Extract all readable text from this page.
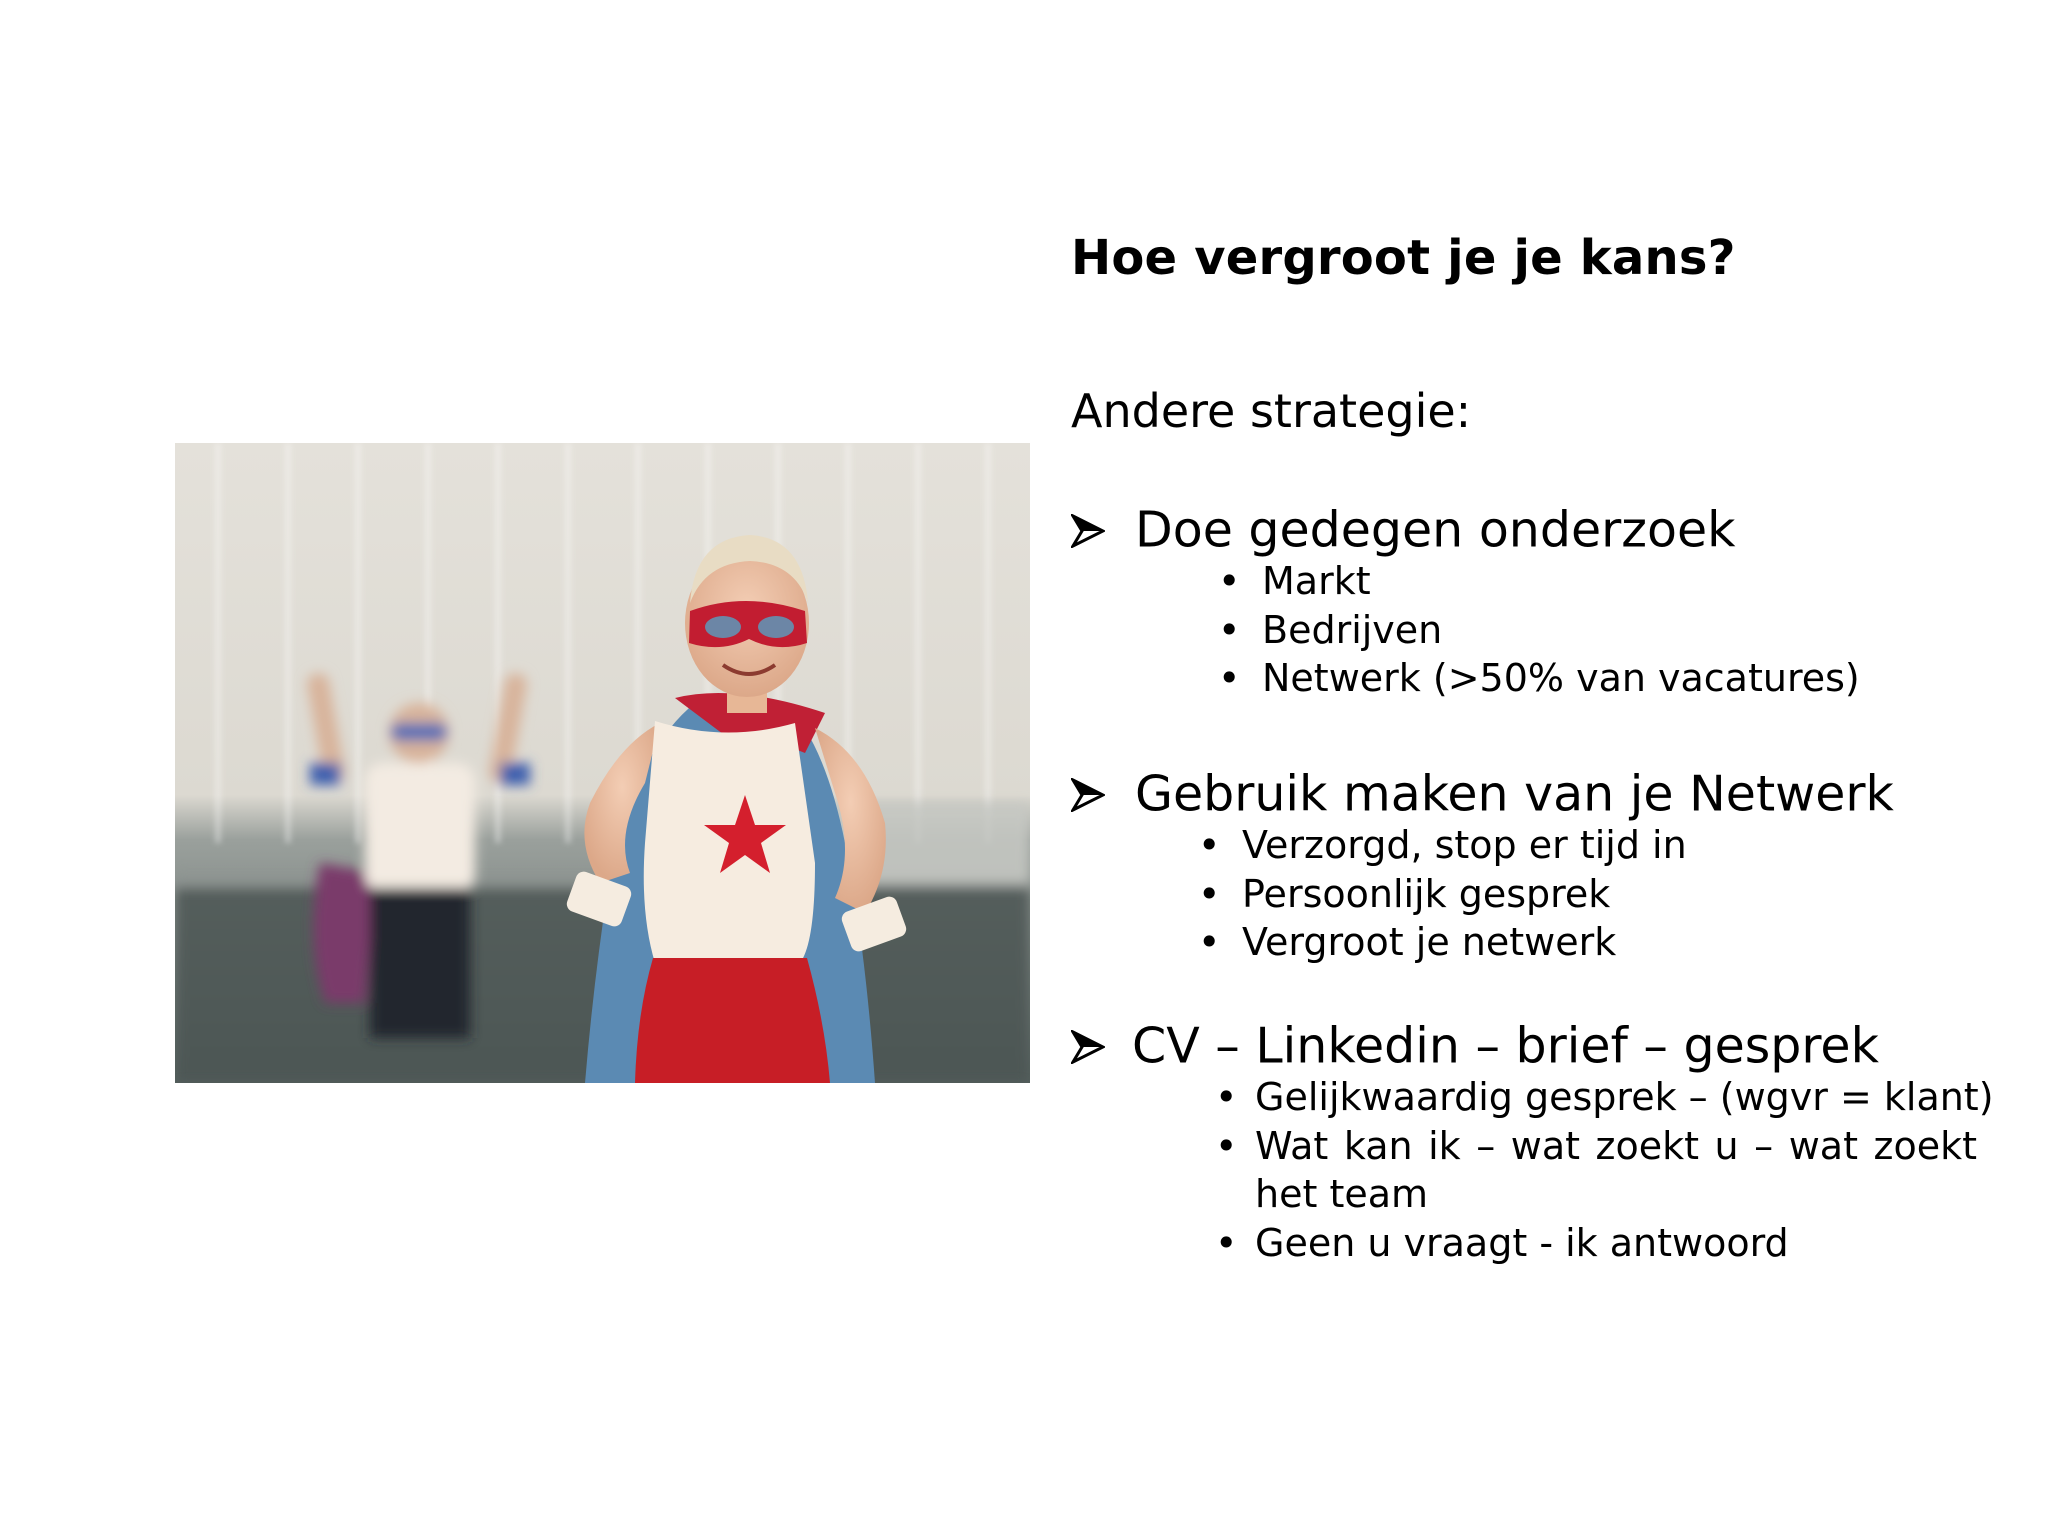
Hoe vergroot je je kans?
Andere strategie:
Doe gedegen onderzoek
• Markt
• Bedrijven
• Netwerk (>50% van vacatures)
Gebruik maken van je Netwerk
• Verzorgd, stop er tijd in
• Persoonlijk gesprek
• Vergroot je netwerk
CV – Linkedin – brief – gesprek
• Gelijkwaardig gesprek – (wgvr = klant)
• Wat kan ik – wat zoekt u – wat zoekt
het team
• Geen u vraagt - ik antwoord
